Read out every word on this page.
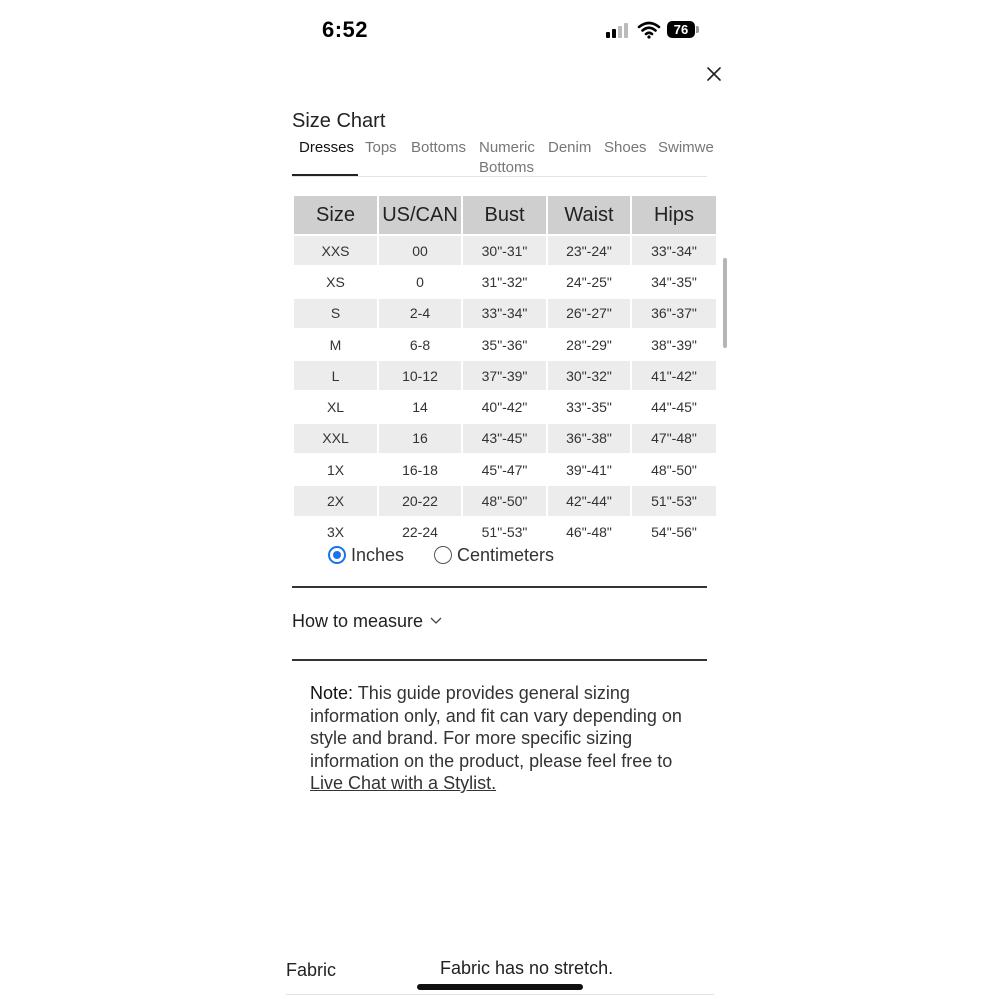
6:52	76
Size Chart
Dresses Tops Bottoms Numeric
Bottoms
Denim Shoes Swimwe
Size	US/CAN	Bust	Waist	Hips
XXS	00	30"-31"	23"-24"	33"-34"
XS	0	31"-32"	24"-25"	34"-35"
S	2-4	33"-34"	26"-27"	36"-37"
M	6-8	35"-36"	28"-29"	38"-39"
L	10-12	37"-39"	30"-32"	41"-42"
XL	14	40"-42"	33"-35"	44"-45"
XXL	16	43"-45"	36"-38"	47"-48"
1X	16-18	45"-47"	39"-41"	48"-50"
2X	20-22	48"-50"	42"-44"	51"-53"
3X	22-24	51"-53"	46"-48"	54"-56"
Inches	Centimeters
How to measure
Note: This guide provides general sizing information only, and fit can vary depending on style and brand. For more specific sizing information on the product, please feel free to Live Chat with a Stylist.
Fabric	Fabric has no stretch.
